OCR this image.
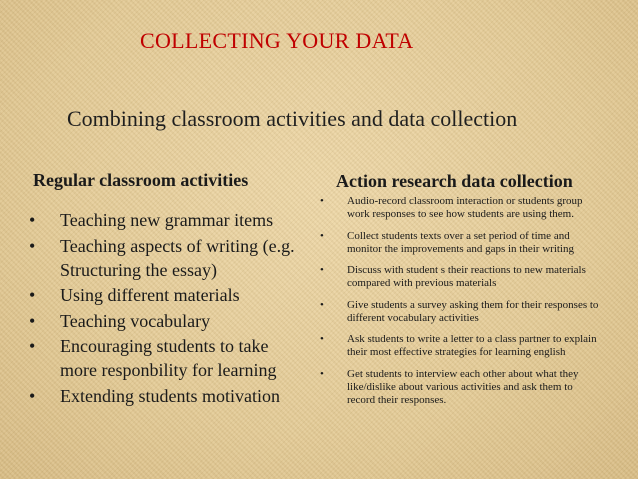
COLLECTING YOUR DATA
Combining classroom activities and data collection
Regular classroom activities
• Teaching new grammar items
• Teaching aspects of writing (e.g. Structuring the essay)
• Using different materials
• Teaching vocabulary
• Encouraging students to take more responbility for learning
• Extending students motivation
Action research data collection
• Audio-record classroom interaction or students group work responses to see how students are using them.
• Collect students texts over a set period of time and monitor the improvements and gaps in their writing
• Discuss with student s their reactions to new materials compared with previous materials
• Give students a survey asking them for their responses to different vocabulary activities
• Ask students to write a letter to a class partner to explain their most effective strategies for learning english
• Get students to interview each other about what they like/dislike about various activities and ask them to record their responses.
